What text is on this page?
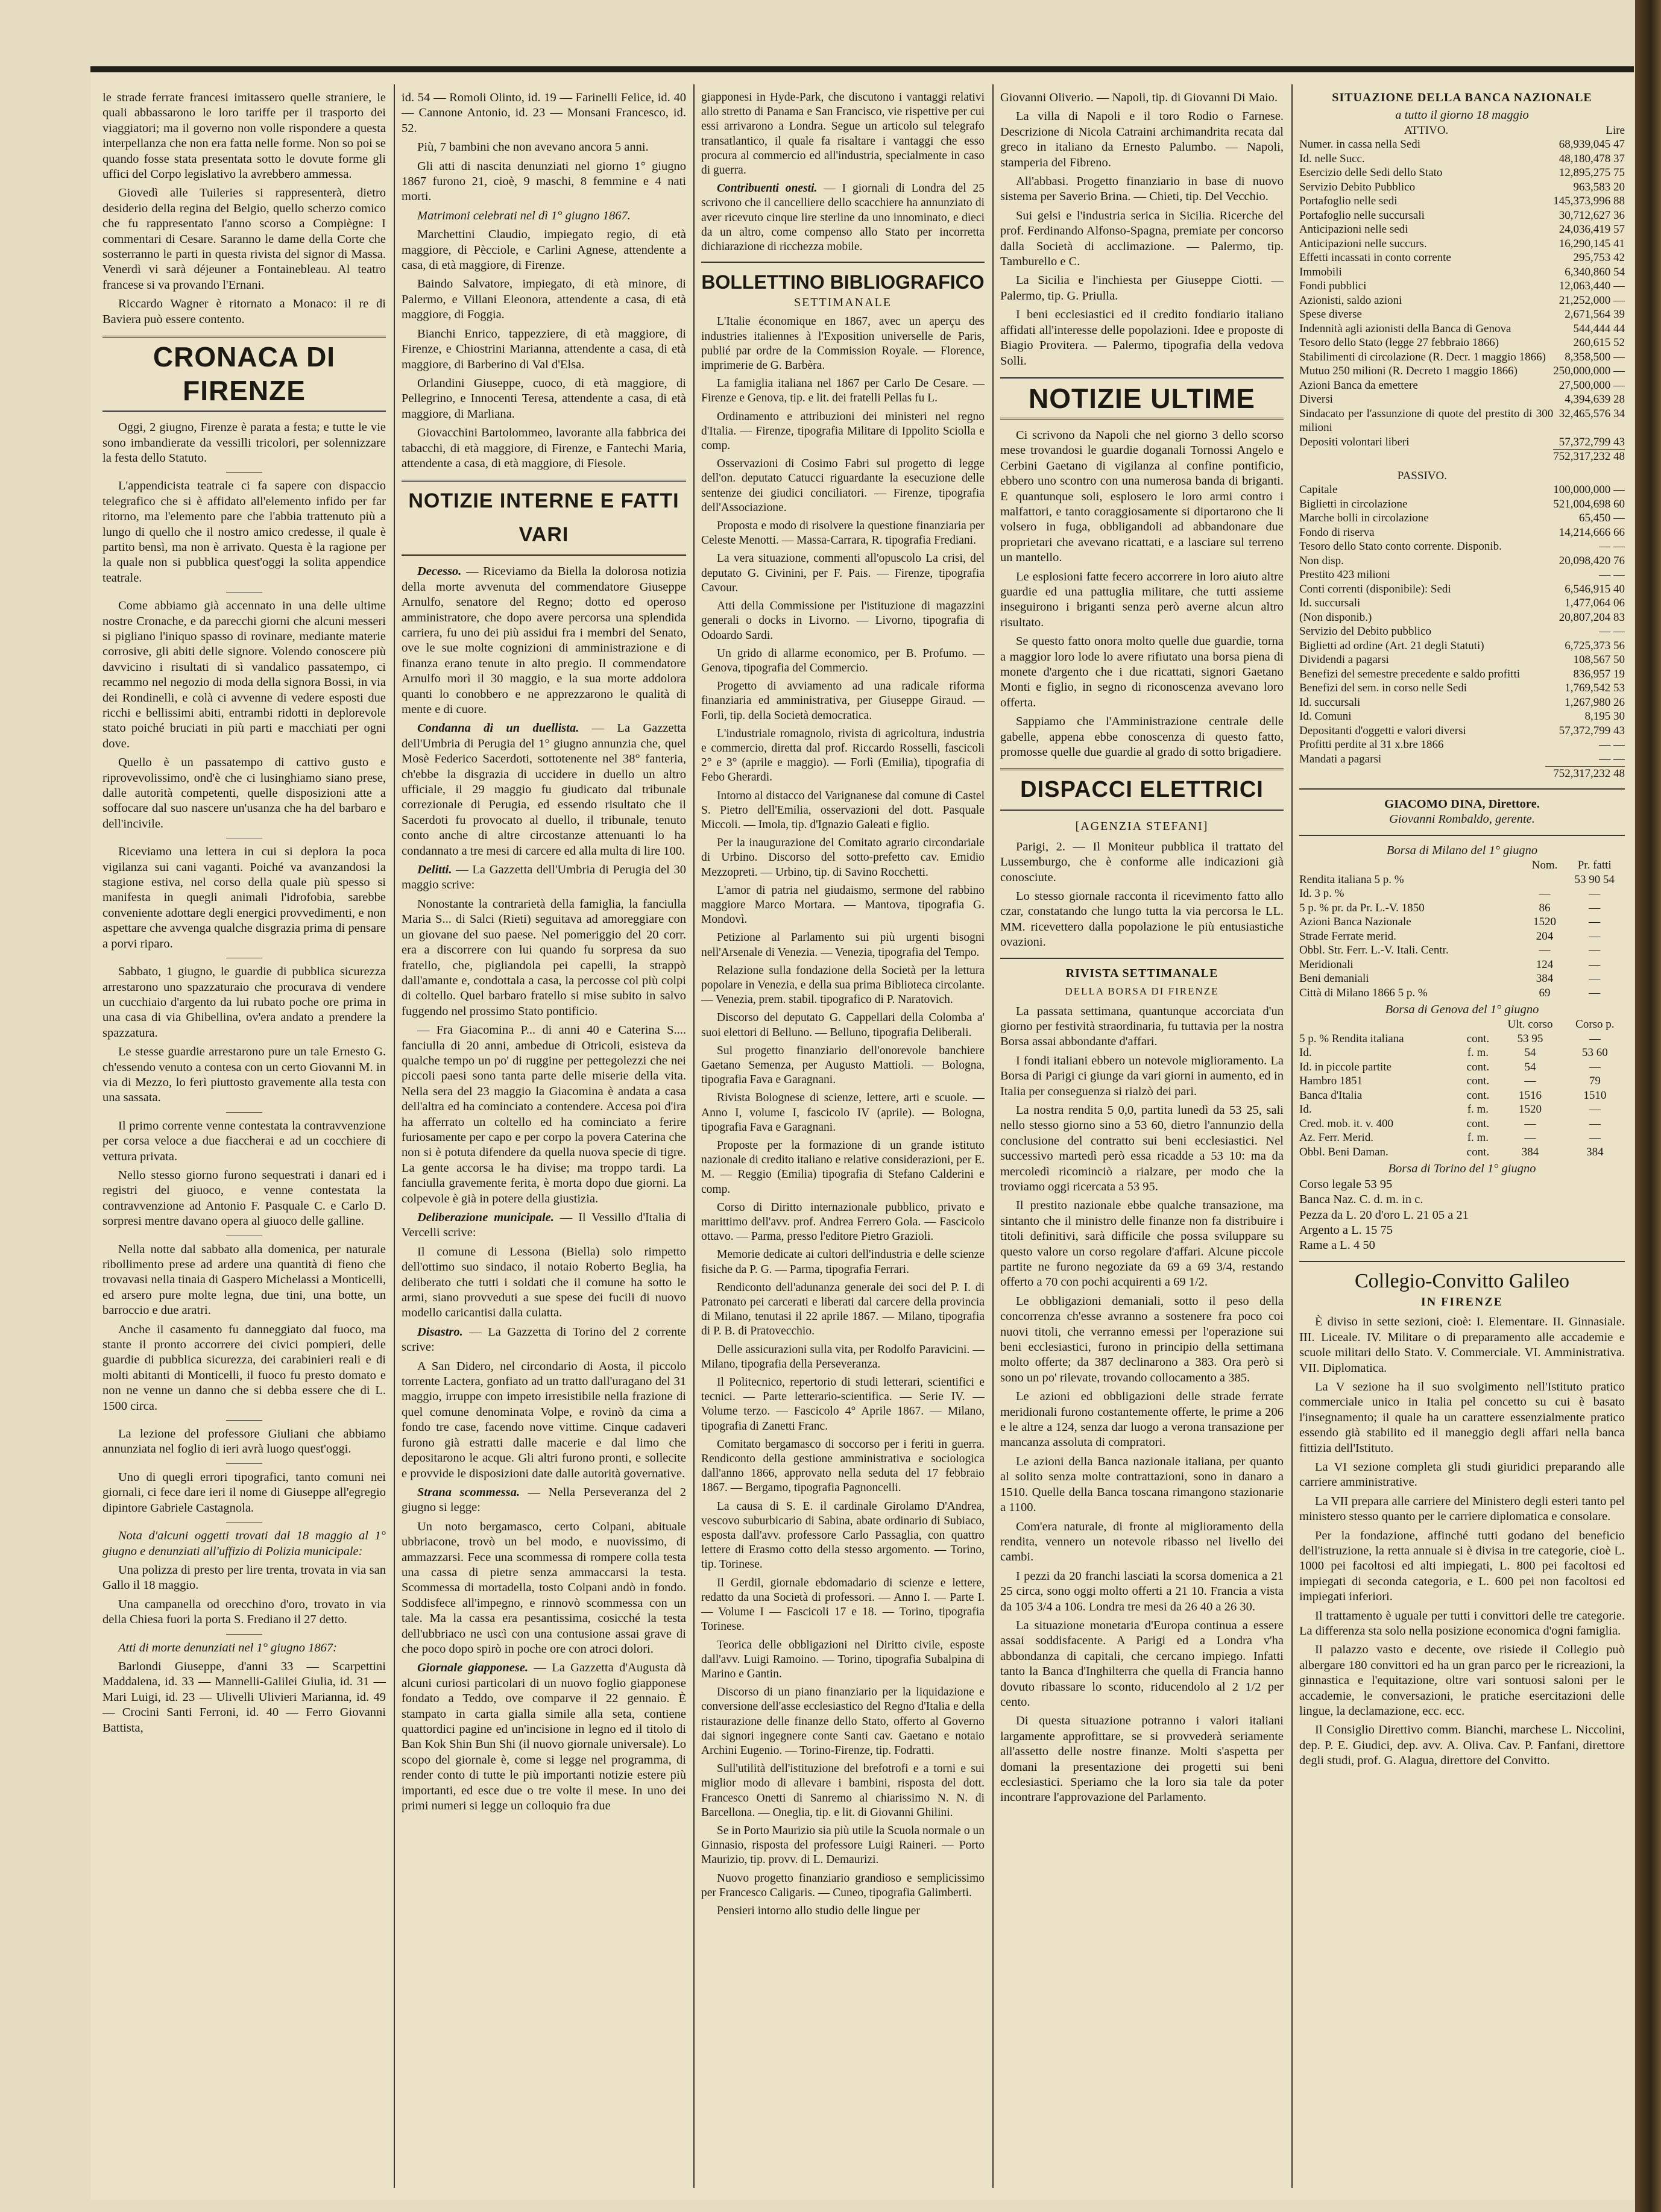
le strade ferrate francesi imitassero quelle straniere, le quali abbassarono le loro tariffe per il trasporto dei viaggiatori; ma il governo non volle rispondere a questa interpellanza che non era fatta nelle forme. Non so poi se quando fosse stata presentata sotto le dovute forme gli uffici del Corpo legislativo la avrebbero ammessa.

Giovedì alle Tuileries si rappresenterà, dietro desiderio della regina del Belgio, quello scherzo comico che fu rappresentato l'anno scorso a Compiègne: I commentari di Cesare. Saranno le dame della Corte che sosterranno le parti in questa rivista del signor di Massa. Venerdì vi sarà déjeuner a Fontainebleau. Al teatro francese si va provando l'Ernani.

Riccardo Wagner è ritornato a Monaco: il re di Baviera può essere contento.

CRONACA DI FIRENZE

Oggi, 2 giugno, Firenze è parata a festa; e tutte le vie sono imbandierate da vessilli tricolori, per solennizzare la festa dello Statuto.

L'appendicista teatrale ci fa sapere con dispaccio telegrafico che si è affidato all'elemento infido per far ritorno, ma l'elemento pare che l'abbia trattenuto più a lungo di quello che il nostro amico credesse, il quale è partito bensì, ma non è arrivato. Questa è la ragione per la quale non si pubblica quest'oggi la solita appendice teatrale.

Come abbiamo già accennato in una delle ultime nostre Cronache, e da parecchi giorni che alcuni messeri si pigliano l'iniquo spasso di rovinare, mediante materie corrosive, gli abiti delle signore. Volendo conoscere più davvicino i risultati di sì vandalico passatempo, ci recammo nel negozio di moda della signora Bossi, in via dei Rondinelli, e colà ci avvenne di vedere esposti due ricchi e bellissimi abiti, entrambi ridotti in deplorevole stato poiché bruciati in più parti e macchiati per ogni dove.

Quello è un passatempo di cattivo gusto e riprovevolissimo, ond'è che ci lusinghiamo siano prese, dalle autorità competenti, quelle disposizioni atte a soffocare dal suo nascere un'usanza che ha del barbaro e dell'incivile.

Riceviamo una lettera in cui si deplora la poca vigilanza sui cani vaganti. Poiché va avanzandosi la stagione estiva, nel corso della quale più spesso si manifesta in quegli animali l'idrofobia, sarebbe conveniente adottare degli energici provvedimenti, e non aspettare che avvenga qualche disgrazia prima di pensare a porvi riparo.

Sabbato, 1 giugno, le guardie di pubblica sicurezza arrestarono uno spazzaturaio che procurava di vendere un cucchiaio d'argento da lui rubato poche ore prima in una casa di via Ghibellina, ov'era andato a prendere la spazzatura.

Le stesse guardie arrestarono pure un tale Ernesto G. ch'essendo venuto a contesa con un certo Giovanni M. in via di Mezzo, lo ferì piuttosto gravemente alla testa con una sassata.

Il primo corrente venne contestata la contravvenzione per corsa veloce a due fiaccherai e ad un cocchiere di vettura privata.

Nello stesso giorno furono sequestrati i danari ed i registri del giuoco, e venne contestata la contravvenzione ad Antonio F. Pasquale C. e Carlo D. sorpresi mentre davano opera al giuoco delle galline.

Nella notte dal sabbato alla domenica, per naturale ribollimento prese ad ardere una quantità di fieno che trovavasi nella tinaia di Gaspero Michelassi a Monticelli, ed arsero pure molte legna, due tini, una botte, un barroccio e due aratri.

Anche il casamento fu danneggiato dal fuoco, ma stante il pronto accorrere dei civici pompieri, delle guardie di pubblica sicurezza, dei carabinieri reali e di molti abitanti di Monticelli, il fuoco fu presto domato e non ne venne un danno che si debba essere che di L. 1500 circa.

La lezione del professore Giuliani che abbiamo annunziata nel foglio di ieri avrà luogo quest'oggi.

Uno di quegli errori tipografici, tanto comuni nei giornali, ci fece dare ieri il nome di Giuseppe all'egregio dipintore Gabriele Castagnola.

Nota d'alcuni oggetti trovati dal 18 maggio al 1° giugno e denunziati all'uffizio di Polizia municipale:

Una polizza di presto per lire trenta, trovata in via san Gallo il 18 maggio.

Una campanella od orecchino d'oro, trovato in via della Chiesa fuori la porta S. Frediano il 27 detto.

Atti di morte denunziati nel 1° giugno 1867:

Barlondi Giuseppe, d'anni 33 — Scarpettini Maddalena, id. 33 — Mannelli-Galilei Giulia, id. 31 — Mari Luigi, id. 23 — Ulivelli Ulivieri Marianna, id. 49 — Crocini Santi Ferroni, id. 40 — Ferro Giovanni Battista,

id. 54 — Romoli Olinto, id. 19 — Farinelli Felice, id. 40 — Cannone Antonio, id. 23 — Monsani Francesco, id. 52.

Più, 7 bambini che non avevano ancora 5 anni.

Gli atti di nascita denunziati nel giorno 1° giugno 1867 furono 21, cioè, 9 maschi, 8 femmine e 4 nati morti.

Matrimoni celebrati nel dì 1° giugno 1867.

Marchettini Claudio, impiegato regio, di età maggiore, di Pècciole, e Carlini Agnese, attendente a casa, di età maggiore, di Firenze.

Baindo Salvatore, impiegato, di età minore, di Palermo, e Villani Eleonora, attendente a casa, di età maggiore, di Foggia.

Bianchi Enrico, tappezziere, di età maggiore, di Firenze, e Chiostrini Marianna, attendente a casa, di età maggiore, di Barberino di Val d'Elsa.

Orlandini Giuseppe, cuoco, di età maggiore, di Pellegrino, e Innocenti Teresa, attendente a casa, di età maggiore, di Marliana.

Giovacchini Bartolommeo, lavorante alla fabbrica dei tabacchi, di età maggiore, di Firenze, e Fantechi Maria, attendente a casa, di età maggiore, di Fiesole.

NOTIZIE INTERNE E FATTI VARI

Decesso. — Riceviamo da Biella la dolorosa notizia della morte avvenuta del commendatore Giuseppe Arnulfo, senatore del Regno; dotto ed operoso amministratore, che dopo avere percorsa una splendida carriera, fu uno dei più assidui fra i membri del Senato, ove le sue molte cognizioni di amministrazione e di finanza erano tenute in alto pregio. Il commendatore Arnulfo morì il 30 maggio, e la sua morte addolora quanti lo conobbero e ne apprezzarono le qualità di mente e di cuore.

Condanna di un duellista. — La Gazzetta dell'Umbria di Perugia del 1° giugno annunzia che, quel Mosè Federico Sacerdoti, sottotenente nel 38° fanteria, ch'ebbe la disgrazia di uccidere in duello un altro ufficiale, il 29 maggio fu giudicato dal tribunale correzionale di Perugia, ed essendo risultato che il Sacerdoti fu provocato al duello, il tribunale, tenuto conto anche di altre circostanze attenuanti lo ha condannato a tre mesi di carcere ed alla multa di lire 100.

Delitti. — La Gazzetta dell'Umbria di Perugia del 30 maggio scrive:

Nonostante la contrarietà della famiglia, la fanciulla Maria S... di Salci (Rieti) seguitava ad amoreggiare con un giovane del suo paese. Nel pomeriggio del 20 corr. era a discorrere con lui quando fu sorpresa da suo fratello, che, pigliandola pei capelli, la strappò dall'amante e, condottala a casa, la percosse col più colpi di coltello. Quel barbaro fratello si mise subito in salvo fuggendo nel prossimo Stato pontificio.

— Fra Giacomina P... di anni 40 e Caterina S.... fanciulla di 20 anni, ambedue di Otricoli, esisteva da qualche tempo un po' di ruggine per pettegolezzi che nei piccoli paesi sono tanta parte delle miserie della vita. Nella sera del 23 maggio la Giacomina è andata a casa dell'altra ed ha cominciato a contendere. Accesa poi d'ira ha afferrato un coltello ed ha cominciato a ferire furiosamente per capo e per corpo la povera Caterina che non si è potuta difendere da quella nuova specie di tigre. La gente accorsa le ha divise; ma troppo tardi. La fanciulla gravemente ferita, è morta dopo due giorni. La colpevole è già in potere della giustizia.

Deliberazione municipale. — Il Vessillo d'Italia di Vercelli scrive:

Il comune di Lessona (Biella) solo rimpetto dell'ottimo suo sindaco, il notaio Roberto Beglia, ha deliberato che tutti i soldati che il comune ha sotto le armi, siano provveduti a sue spese dei fucili di nuovo modello caricantisi dalla culatta.

Disastro. — La Gazzetta di Torino del 2 corrente scrive:

A San Didero, nel circondario di Aosta, il piccolo torrente Lactera, gonfiato ad un tratto dall'uragano del 31 maggio, irruppe con impeto irresistibile nella frazione di quel comune denominata Volpe, e rovinò da cima a fondo tre case, facendo nove vittime. Cinque cadaveri furono già estratti dalle macerie e dal limo che depositarono le acque. Gli altri furono pronti, e sollecite e provvide le disposizioni date dalle autorità governative.

Strana scommessa. — Nella Perseveranza del 2 giugno si legge:

Un noto bergamasco, certo Colpani, abituale ubbriacone, trovò un bel modo, e nuovissimo, di ammazzarsi. Fece una scommessa di rompere colla testa una cassa di pietre senza ammaccarsi la testa. Scommessa di mortadella, tosto Colpani andò in fondo. Soddisfece all'impegno, e rinnovò scommessa con un tale. Ma la cassa era pesantissima, cosicché la testa dell'ubbriaco ne uscì con una contusione assai grave di che poco dopo spirò in poche ore con atroci dolori.

Giornale giapponese. — La Gazzetta d'Augusta dà alcuni curiosi particolari di un nuovo foglio giapponese fondato a Teddo, ove comparve il 22 gennaio. È stampato in carta gialla simile alla seta, contiene quattordici pagine ed un'incisione in legno ed il titolo di Ban Kok Shin Bun Shi (il nuovo giornale universale). Lo scopo del giornale è, come si legge nel programma, di render conto di tutte le più importanti notizie estere più importanti, ed esce due o tre volte il mese. In uno dei primi numeri si legge un colloquio fra due

giapponesi in Hyde-Park, che discutono i vantaggi relativi allo stretto di Panama e San Francisco, vie rispettive per cui essi arrivarono a Londra. Segue un articolo sul telegrafo transatlantico, il quale fa risaltare i vantaggi che esso procura al commercio ed all'industria, specialmente in caso di guerra.

Contribuenti onesti. — I giornali di Londra del 25 scrivono che il cancelliere dello scacchiere ha annunziato di aver ricevuto cinque lire sterline da uno innominato, e dieci da un altro, come compenso allo Stato per incorretta dichiarazione di ricchezza mobile.

BOLLETTINO BIBLIOGRAFICO
SETTIMANALE

L'Italie économique en 1867, avec un aperçu des industries italiennes à l'Exposition universelle de Paris, publié par ordre de la Commission Royale. — Florence, imprimerie de G. Barbèra.

La famiglia italiana nel 1867 per Carlo De Cesare. — Firenze e Genova, tip. e lit. dei fratelli Pellas fu L.

Ordinamento e attribuzioni dei ministeri nel regno d'Italia. — Firenze, tipografia Militare di Ippolito Sciolla e comp.

Osservazioni di Cosimo Fabri sul progetto di legge dell'on. deputato Catucci riguardante la esecuzione delle sentenze dei giudici conciliatori. — Firenze, tipografia dell'Associazione.

Proposta e modo di risolvere la questione finanziaria per Celeste Menotti. — Massa-Carrara, R. tipografia Frediani.

La vera situazione, commenti all'opuscolo La crisi, del deputato G. Civinini, per F. Pais. — Firenze, tipografia Cavour.

Atti della Commissione per l'istituzione di magazzini generali o docks in Livorno. — Livorno, tipografia di Odoardo Sardi.

Un grido di allarme economico, per B. Profumo. — Genova, tipografia del Commercio.

Progetto di avviamento ad una radicale riforma finanziaria ed amministrativa, per Giuseppe Giraud. — Forlì, tip. della Società democratica.

L'industriale romagnolo, rivista di agricoltura, industria e commercio, diretta dal prof. Riccardo Rosselli, fascicoli 2° e 3° (aprile e maggio). — Forlì (Emilia), tipografia di Febo Gherardi.

Intorno al distacco del Varignanese dal comune di Castel S. Pietro dell'Emilia, osservazioni del dott. Pasquale Miccoli. — Imola, tip. d'Ignazio Galeati e figlio.

Per la inaugurazione del Comitato agrario circondariale di Urbino. Discorso del sotto-prefetto cav. Emidio Mezzopreti. — Urbino, tip. di Savino Rocchetti.

L'amor di patria nel giudaismo, sermone del rabbino maggiore Marco Mortara. — Mantova, tipografia G. Mondovì.

Petizione al Parlamento sui più urgenti bisogni nell'Arsenale di Venezia. — Venezia, tipografia del Tempo.

Relazione sulla fondazione della Società per la lettura popolare in Venezia, e della sua prima Biblioteca circolante. — Venezia, prem. stabil. tipografico di P. Naratovich.

Discorso del deputato G. Cappellari della Colomba a' suoi elettori di Belluno. — Belluno, tipografia Deliberali.

Sul progetto finanziario dell'onorevole banchiere Gaetano Semenza, per Augusto Mattioli. — Bologna, tipografia Fava e Garagnani.

Rivista Bolognese di scienze, lettere, arti e scuole. — Anno I, volume I, fascicolo IV (aprile). — Bologna, tipografia Fava e Garagnani.

Proposte per la formazione di un grande istituto nazionale di credito italiano e relative considerazioni, per E. M. — Reggio (Emilia) tipografia di Stefano Calderini e comp.

Corso di Diritto internazionale pubblico, privato e marittimo dell'avv. prof. Andrea Ferrero Gola. — Fascicolo ottavo. — Parma, presso l'editore Pietro Grazioli.

Memorie dedicate ai cultori dell'industria e delle scienze fisiche da P. G. — Parma, tipografia Ferrari.

Rendiconto dell'adunanza generale dei soci del P. I. di Patronato pei carcerati e liberati dal carcere della provincia di Milano, tenutasi il 22 aprile 1867. — Milano, tipografia di P. B. di Pratovecchio.

Delle assicurazioni sulla vita, per Rodolfo Paravicini. — Milano, tipografia della Perseveranza.

Il Politecnico, repertorio di studi letterari, scientifici e tecnici. — Parte letterario-scientifica. — Serie IV. — Volume terzo. — Fascicolo 4° Aprile 1867. — Milano, tipografia di Zanetti Franc.

Comitato bergamasco di soccorso per i feriti in guerra. Rendiconto della gestione amministrativa e sociologica dall'anno 1866, approvato nella seduta del 17 febbraio 1867. — Bergamo, tipografia Pagnoncelli.

La causa di S. E. il cardinale Girolamo D'Andrea, vescovo suburbicario di Sabina, abate ordinario di Subiaco, esposta dall'avv. professore Carlo Passaglia, con quattro lettere di Erasmo cotto della stesso argomento. — Torino, tip. Torinese.

Il Gerdil, giornale ebdomadario di scienze e lettere, redatto da una Società di professori. — Anno I. — Parte I. — Volume I — Fascicoli 17 e 18. — Torino, tipografia Torinese.

Teorica delle obbligazioni nel Diritto civile, esposte dall'avv. Luigi Ramoino. — Torino, tipografia Subalpina di Marino e Gantin.

Discorso di un piano finanziario per la liquidazione e conversione dell'asse ecclesiastico del Regno d'Italia e della ristaurazione delle finanze dello Stato, offerto al Governo dai signori ingegnere conte Santi cav. Gaetano e notaio Archini Eugenio. — Torino-Firenze, tip. Fodratti.

Sull'utilità dell'istituzione del brefotrofi e a torni e sui miglior modo di allevare i bambini, risposta del dott. Francesco Onetti di Sanremo al chiarissimo N. N. di Barcellona. — Oneglia, tip. e lit. di Giovanni Ghilini.

Se in Porto Maurizio sia più utile la Scuola normale o un Ginnasio, risposta del professore Luigi Raineri. — Porto Maurizio, tip. provv. di L. Demaurizi.

Nuovo progetto finanziario grandioso e semplicissimo per Francesco Caligaris. — Cuneo, tipografia Galimberti.

Pensieri intorno allo studio delle lingue per

Giovanni Oliverio. — Napoli, tip. di Giovanni Di Maio.

La villa di Napoli e il toro Rodio o Farnese. Descrizione di Nicola Catraini archimandrita recata dal greco in italiano da Ernesto Palumbo. — Napoli, stamperia del Fibreno.

All'abbasi. Progetto finanziario in base di nuovo sistema per Saverio Brina. — Chieti, tip. Del Vecchio.

Sui gelsi e l'industria serica in Sicilia. Ricerche del prof. Ferdinando Alfonso-Spagna, premiate per concorso dalla Società di acclimazione. — Palermo, tip. Tamburello e C.

La Sicilia e l'inchiesta per Giuseppe Ciotti. — Palermo, tip. G. Priulla.

I beni ecclesiastici ed il credito fondiario italiano affidati all'interesse delle popolazioni. Idee e proposte di Biagio Provitera. — Palermo, tipografia della vedova Solli.

NOTIZIE ULTIME

Ci scrivono da Napoli che nel giorno 3 dello scorso mese trovandosi le guardie doganali Tornossi Angelo e Cerbini Gaetano di vigilanza al confine pontificio, ebbero uno scontro con una numerosa banda di briganti. E quantunque soli, esplosero le loro armi contro i malfattori, e tanto coraggiosamente si diportarono che li volsero in fuga, obbligandoli ad abbandonare due proprietari che avevano ricattati, e a lasciare sul terreno un mantello.

Le esplosioni fatte fecero accorrere in loro aiuto altre guardie ed una pattuglia militare, che tutti assieme inseguirono i briganti senza però averne alcun altro risultato.

Se questo fatto onora molto quelle due guardie, torna a maggior loro lode lo avere rifiutato una borsa piena di monete d'argento che i due ricattati, signori Gaetano Monti e figlio, in segno di riconoscenza avevano loro offerta.

Sappiamo che l'Amministrazione centrale delle gabelle, appena ebbe conoscenza di questo fatto, promosse quelle due guardie al grado di sotto brigadiere.

DISPACCI ELETTRICI
[AGENZIA STEFANI]

Parigi, 2. — Il Moniteur pubblica il trattato del Lussemburgo, che è conforme alle indicazioni già conosciute.

Lo stesso giornale racconta il ricevimento fatto allo czar, constatando che lungo tutta la via percorsa le LL. MM. ricevettero dalla popolazione le più entusiastiche ovazioni.

RIVISTA SETTIMANALE
DELLA BORSA DI FIRENZE

La passata settimana, quantunque accorciata d'un giorno per festività straordinaria, fu tuttavia per la nostra Borsa assai abbondante d'affari.

I fondi italiani ebbero un notevole miglioramento. La Borsa di Parigi ci giunge da vari giorni in aumento, ed in Italia per conseguenza si rialzò dei pari.

La nostra rendita 5 0,0, partita lunedì da 53 25, sali nello stesso giorno sino a 53 60, dietro l'annunzio della conclusione del contratto sui beni ecclesiastici. Nel successivo martedì però essa ricadde a 53 10: ma da mercoledì ricominciò a rialzare, per modo che la troviamo oggi ricercata a 53 95.

Il prestito nazionale ebbe qualche transazione, ma sintanto che il ministro delle finanze non fa distribuire i titoli definitivi, sarà difficile che possa sviluppare su questo valore un corso regolare d'affari. Alcune piccole partite ne furono negoziate da 69 a 69 3/4, restando offerto a 70 con pochi acquirenti a 69 1/2.

Le obbligazioni demaniali, sotto il peso della concorrenza ch'esse avranno a sostenere fra poco coi nuovi titoli, che verranno emessi per l'operazione sui beni ecclesiastici, furono in principio della settimana molto offerte; da 387 declinarono a 383. Ora però si sono un po' rilevate, trovando collocamento a 385.

Le azioni ed obbligazioni delle strade ferrate meridionali furono costantemente offerte, le prime a 206 e le altre a 124, senza dar luogo a verona transazione per mancanza assoluta di compratori.

Le azioni della Banca nazionale italiana, per quanto al solito senza molte contrattazioni, sono in danaro a 1510. Quelle della Banca toscana rimangono stazionarie a 1100.

Com'era naturale, di fronte al miglioramento della rendita, vennero un notevole ribasso nel livello dei cambi.

I pezzi da 20 franchi lasciati la scorsa domenica a 21 25 circa, sono oggi molto offerti a 21 10. Francia a vista da 105 3/4 a 106. Londra tre mesi da 26 40 a 26 30.

La situazione monetaria d'Europa continua a essere assai soddisfacente. A Parigi ed a Londra v'ha abbondanza di capitali, che cercano impiego. Infatti tanto la Banca d'Inghilterra che quella di Francia hanno dovuto ribassare lo sconto, riducendolo al 2 1/2 per cento.

Di questa situazione potranno i valori italiani largamente approfittare, se si provvederà seriamente all'assetto delle nostre finanze. Molti s'aspetta per domani la presentazione dei progetti sui beni ecclesiastici. Speriamo che la loro sia tale da poter incontrare l'approvazione del Parlamento.

SITUAZIONE DELLA BANCA NAZIONALE
a tutto il giorno 18 maggio
ATTIVO.	Lire
Numer. in cassa nella Sedi	68,939,045 47
Id. nelle Succ.	48,180,478 37
Esercizio delle Sedi dello Stato	12,895,275 75
Servizio Debito Pubblico	963,583 20
Portafoglio nelle sedi	145,373,996 88
Portafoglio nelle succursali	30,712,627 36
Anticipazioni nelle sedi	24,036,419 57
Anticipazioni nelle succurs.	16,290,145 41
Effetti incassati in conto corrente	295,753 42
Immobili	6,340,860 54
Fondi pubblici	12,063,440 —
Azionisti, saldo azioni	21,252,000 —
Spese diverse	2,671,564 39
Indennità agli azionisti della Banca di Genova	544,444 44
Tesoro dello Stato (legge 27 febbraio 1866)	260,615 52
Stabilimenti di circolazione (R. Decr. 1 maggio 1866)	8,358,500 —
Mutuo 250 milioni (R. Decreto 1 maggio 1866)	250,000,000 —
Azioni Banca da emettere	27,500,000 —
Diversi	4,394,639 28
Sindacato per l'assunzione di quote del prestito di 300 milioni	32,465,576 34
Depositi volontari liberi	57,372,799 43
	752,317,232 48
PASSIVO.	
Capitale	100,000,000 —
Biglietti in circolazione	521,004,698 60
Marche bolli in circolazione	65,450 —
Fondo di riserva	14,214,666 66
Tesoro dello Stato conto corrente. Disponib.	— —
Non disp.	20,098,420 76
Prestito 423 milioni	— —
Conti correnti (disponibile): Sedi	6,546,915 40
Id. succursali	1,477,064 06
(Non disponib.)	20,807,204 83
Servizio del Debito pubblico	— —
Biglietti ad ordine (Art. 21 degli Statuti)	6,725,373 56
Dividendi a pagarsi	108,567 50
Benefizi del semestre precedente e saldo profitti	836,957 19
Benefizi del sem. in corso nelle Sedi	1,769,542 53
Id. succursali	1,267,980 26
Id. Comuni	8,195 30
Depositanti d'oggetti e valori diversi	57,372,799 43
Profitti perdite al 31 x.bre 1866	— —
Mandati a pagarsi	— —
	752,317,232 48
GIACOMO DINA, Direttore.
Giovanni Rombaldo, gerente.
Borsa di Milano del 1° giugno
	Nom.	Pr. fatti
Rendita italiana 5 p. %		53 90 54
Id. 3 p. %	—	—
5 p. % pr. da Pr. L.-V. 1850	86	—
Azioni Banca Nazionale	1520	—
Strade Ferrate merid.	204	—
Obbl. Str. Ferr. L.-V. Itali. Centr.	—	—
Meridionali	124	—
Beni demaniali	384	—
Città di Milano 1866 5 p. %	69	—
Borsa di Genova del 1° giugno
		Ult. corso	Corso p.
5 p. % Rendita italiana	cont.	53 95	—
Id.	f. m.	54	53 60
Id. in piccole partite	cont.	54	—
Hambro 1851	cont.	—	79
Banca d'Italia	cont.	1516	1510
Id.	f. m.	1520	—
Cred. mob. it. v. 400	cont.	—	—
Az. Ferr. Merid.	f. m.	—	—
Obbl. Beni Daman.	cont.	384	384
Borsa di Torino del 1° giugno
Corso legale 53 95
Banca Naz. C. d. m. in c.
Pezza da L. 20 d'oro L. 21 05 a 21
Argento a L. 15 75
Rame a L. 4 50
Collegio-Convitto Galileo
IN FIRENZE

È diviso in sette sezioni, cioè: I. Elementare. II. Ginnasiale. III. Liceale. IV. Militare o di preparamento alle accademie e scuole militari dello Stato. V. Commerciale. VI. Amministrativa. VII. Diplomatica.

La V sezione ha il suo svolgimento nell'Istituto pratico commerciale unico in Italia pel concetto su cui è basato l'insegnamento; il quale ha un carattere essenzialmente pratico essendo già stabilito ed il maneggio degli affari nella banca fittizia dell'Istituto.

La VI sezione completa gli studi giuridici preparando alle carriere amministrative.

La VII prepara alle carriere del Ministero degli esteri tanto pel ministero stesso quanto per le carriere diplomatica e consolare.

Per la fondazione, affinché tutti godano del beneficio dell'istruzione, la retta annuale si è divisa in tre categorie, cioè L. 1000 pei facoltosi ed alti impiegati, L. 800 pei facoltosi ed impiegati di seconda categoria, e L. 600 pei non facoltosi ed impiegati inferiori.

Il trattamento è uguale per tutti i convittori delle tre categorie. La differenza sta solo nella posizione economica d'ogni famiglia.

Il palazzo vasto e decente, ove risiede il Collegio può albergare 180 convittori ed ha un gran parco per le ricreazioni, la ginnastica e l'equitazione, oltre vari sontuosi saloni per le accademie, le conversazioni, le pratiche esercitazioni delle lingue, la declamazione, ecc. ecc.

Il Consiglio Direttivo comm. Bianchi, marchese L. Niccolini, dep. P. E. Giudici, dep. avv. A. Oliva. Cav. P. Fanfani, direttore degli studi, prof. G. Alagua, direttore del Convitto.
